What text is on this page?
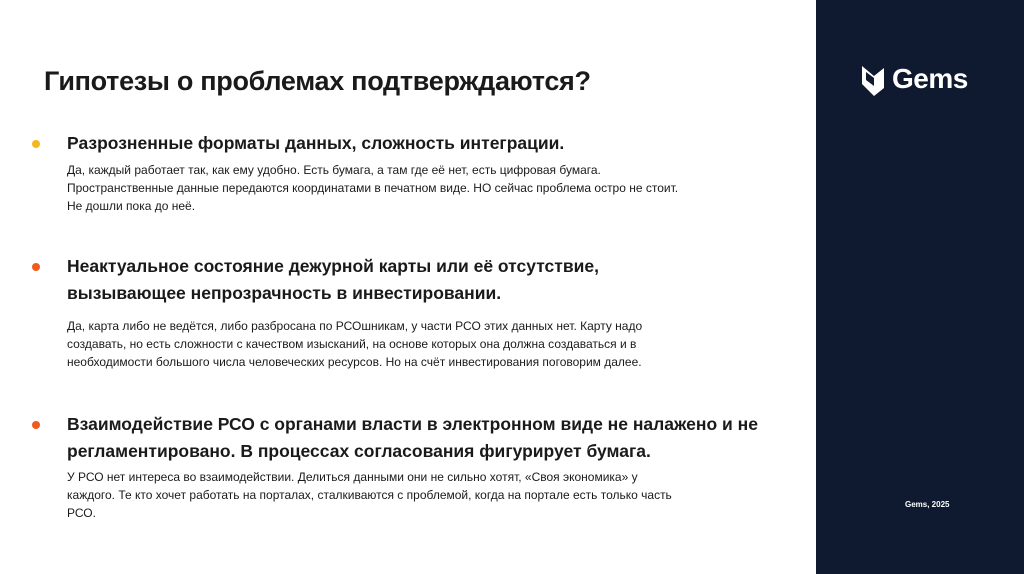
Гипотезы о проблемах подтверждаются?
Разрозненные форматы данных, сложность интеграции.
Да, каждый работает так, как ему удобно. Есть бумага, а там где её нет, есть цифровая бумага.
Пространственные данные передаются координатами в печатном виде. НО сейчас проблема остро не стоит.
Не дошли пока до неё.
Неактуальное состояние дежурной карты или её отсутствие,
вызывающее непрозрачность в инвестировании.
Да, карта либо не ведётся, либо разбросана по РСОшникам, у части РСО этих данных нет. Карту надо
создавать, но есть сложности с качеством изысканий, на основе которых она должна создаваться и в
необходимости большого числа человеческих ресурсов. Но на счёт инвестирования поговорим далее.
Взаимодействие РСО с органами власти в электронном виде не налажено и не
регламентировано. В процессах согласования фигурирует бумага.
У РСО нет интереса во взаимодействии. Делиться данными они не сильно хотят, «Своя экономика» у
каждого. Те кто хочет работать на порталах, сталкиваются с проблемой, когда на портале есть только часть
РСО.
Gems
Gems, 2025
